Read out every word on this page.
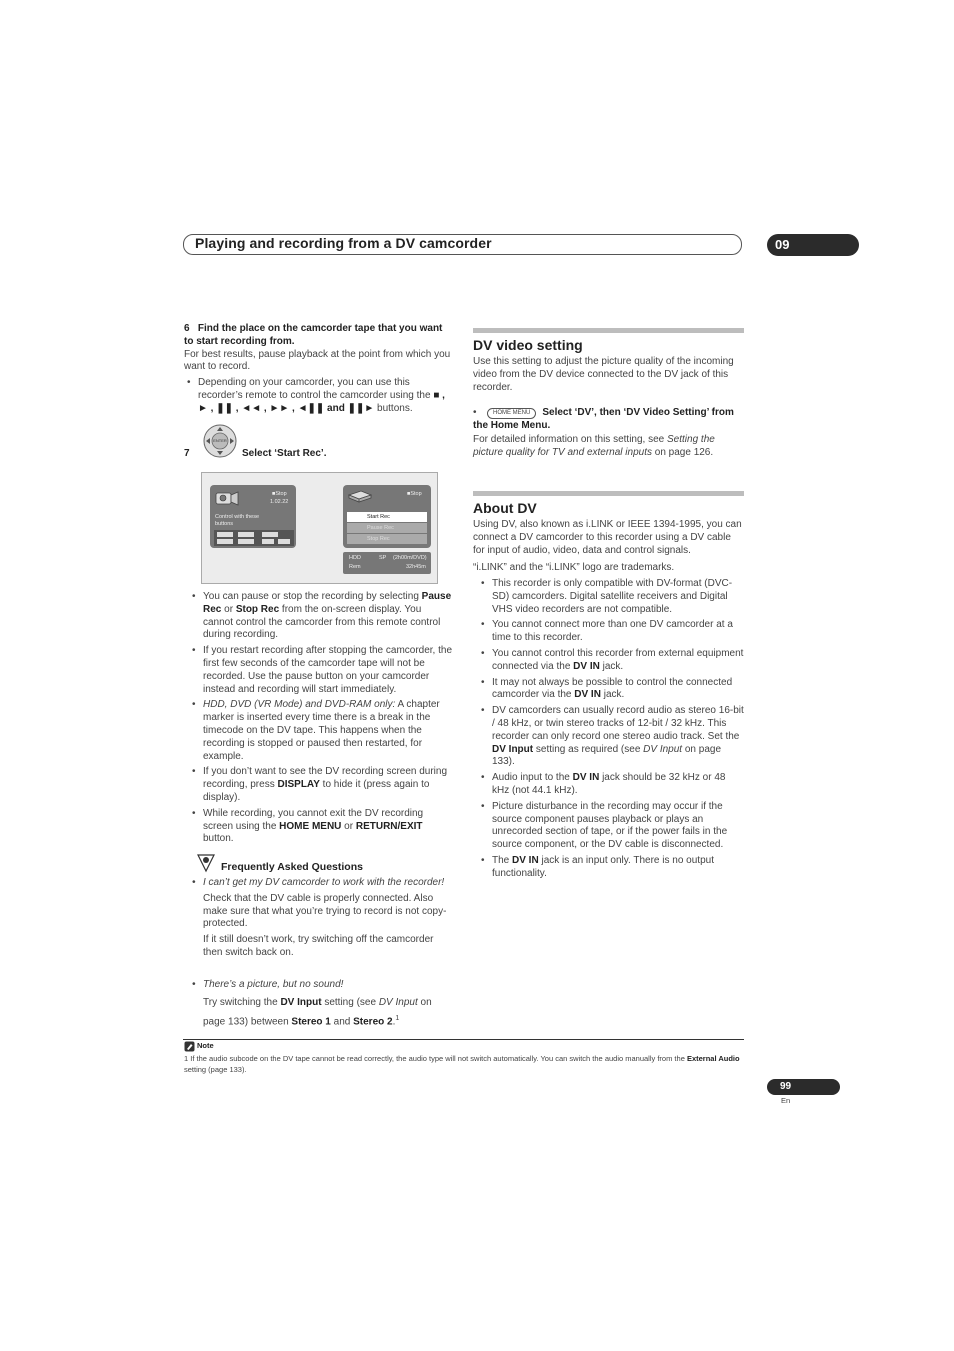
Playing and recording from a DV camcorder	09
6 Find the place on the camcorder tape that you want to start recording from.
For best results, pause playback at the point from which you want to record.
• Depending on your camcorder, you can use this recorder’s remote to control the camcorder using the ■ , ► , ❚❚ , ◄◄ , ►► , ◄❚❚ and ❚❚► buttons.
7
ENTER
Select ‘Start Rec’.
■Stop
1.02.22
Control with these buttons
■Stop
Start Rec
Pause Rec
Stop Rec
HDD	SP (2h00m/DVD)
Rem	32h45m
• You can pause or stop the recording by selecting Pause Rec or Stop Rec from the on-screen display. You cannot control the camcorder from this remote control during recording.
• If you restart recording after stopping the camcorder, the first few seconds of the camcorder tape will not be recorded. Use the pause button on your camcorder instead and recording will start immediately.
• HDD, DVD (VR Mode) and DVD-RAM only: A chapter marker is inserted every time there is a break in the timecode on the DV tape. This happens when the recording is stopped or paused then restarted, for example.
• If you don’t want to see the DV recording screen during recording, press DISPLAY to hide it (press again to display).
• While recording, you cannot exit the DV recording screen using the HOME MENU or RETURN/EXIT button.
Frequently Asked Questions
• I can’t get my DV camcorder to work with the recorder!
Check that the DV cable is properly connected. Also make sure that what you’re trying to record is not copy-protected.
If it still doesn’t work, try switching off the camcorder then switch back on.
• There’s a picture, but no sound!
Try switching the DV Input setting (see DV Input on page 133) between Stereo 1 and Stereo 2.$^1$
DV video setting
Use this setting to adjust the picture quality of the incoming video from the DV device connected to the DV jack of this recorder.
•	HOME MENU Select ‘DV’, then ‘DV Video Setting’ from the Home Menu.
For detailed information on this setting, see Setting the picture quality for TV and external inputs on page 126.
About DV
Using DV, also known as i.LINK or IEEE 1394-1995, you can connect a DV camcorder to this recorder using a DV cable for input of audio, video, data and control signals.
“i.LINK” and the “i.LINK” logo are trademarks.
• This recorder is only compatible with DV-format (DVC-SD) camcorders. Digital satellite receivers and Digital VHS video recorders are not compatible.
• You cannot connect more than one DV camcorder at a time to this recorder.
• You cannot control this recorder from external equipment connected via the DV IN jack.
• It may not always be possible to control the connected camcorder via the DV IN jack.
• DV camcorders can usually record audio as stereo 16-bit / 48 kHz, or twin stereo tracks of 12-bit / 32 kHz. This recorder can only record one stereo audio track. Set the DV Input setting as required (see DV Input on page 133).
• Audio input to the DV IN jack should be 32 kHz or 48 kHz (not 44.1 kHz).
• Picture disturbance in the recording may occur if the source component pauses playback or plays an unrecorded section of tape, or if the power fails in the source component, or the DV cable is disconnected.
• The DV IN jack is an input only. There is no output functionality.
Note
1 If the audio subcode on the DV tape cannot be read correctly, the audio type will not switch automatically. You can switch the audio manually from the External Audio setting (page 133).
99
En
